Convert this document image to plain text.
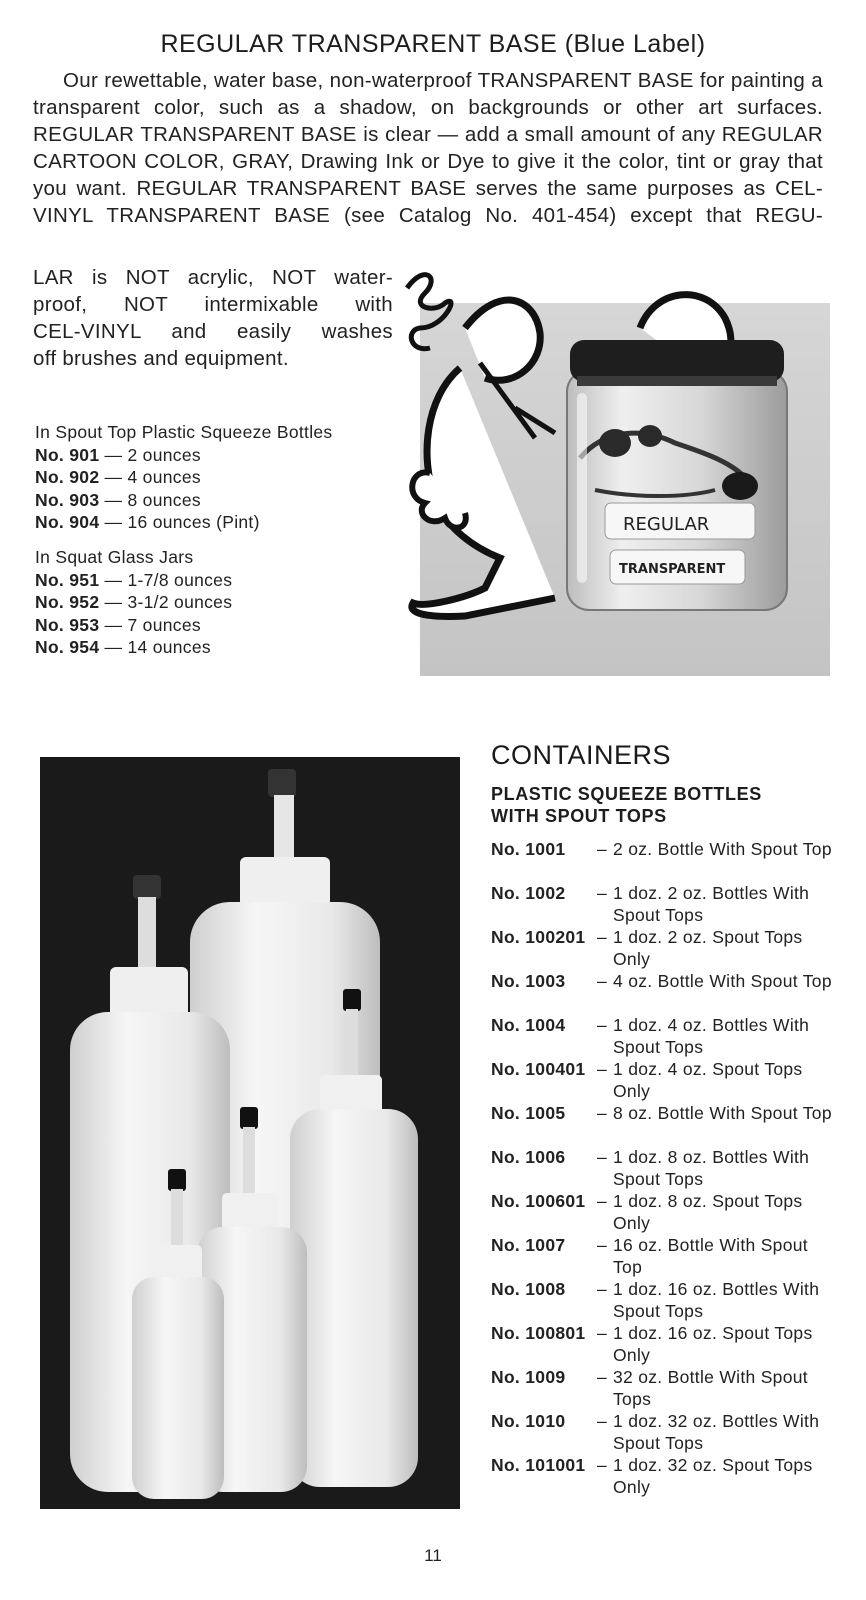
REGULAR TRANSPARENT BASE (Blue Label)

Our rewettable, water base, non-waterproof TRANSPARENT BASE for painting a transparent color, such as a shadow, on backgrounds or other art surfaces. REGULAR TRANSPARENT BASE is clear — add a small amount of any REGULAR CARTOON COLOR, GRAY, Drawing Ink or Dye to give it the color, tint or gray that you want. REGULAR TRANSPARENT BASE serves the same purposes as CEL-VINYL TRANSPARENT BASE (see Catalog No. 401-454) except that REGU-

LAR is NOT acrylic, NOT water-
proof, NOT intermixable with
CEL-VINYL and easily washes
off brushes and equipment.
In Spout Top Plastic Squeeze Bottles
No. 901 — 2 ounces
No. 902 — 4 ounces
No. 903 — 8 ounces
No. 904 — 16 ounces (Pint)
In Squat Glass Jars
No. 951 — 1-7/8 ounces
No. 952 — 3-1/2 ounces
No. 953 — 7 ounces
No. 954 — 14 ounces
REGULAR
TRANSPARENT
CONTAINERS
PLASTIC SQUEEZE BOTTLES
WITH SPOUT TOPS
No. 1001 – 2 oz. Bottle With Spout Top
No. 1002 – 1 doz. 2 oz. Bottles With Spout Tops
No. 100201 – 1 doz. 2 oz. Spout Tops Only
No. 1003 – 4 oz. Bottle With Spout Top
No. 1004 – 1 doz. 4 oz. Bottles With Spout Tops
No. 100401 – 1 doz. 4 oz. Spout Tops Only
No. 1005 – 8 oz. Bottle With Spout Top
No. 1006 – 1 doz. 8 oz. Bottles With Spout Tops
No. 100601 – 1 doz. 8 oz. Spout Tops Only
No. 1007 – 16 oz. Bottle With Spout Top
No. 1008 – 1 doz. 16 oz. Bottles With Spout Tops
No. 100801 – 1 doz. 16 oz. Spout Tops Only
No. 1009 – 32 oz. Bottle With Spout Tops
No. 1010 – 1 doz. 32 oz. Bottles With Spout Tops
No. 101001 – 1 doz. 32 oz. Spout Tops Only
11
